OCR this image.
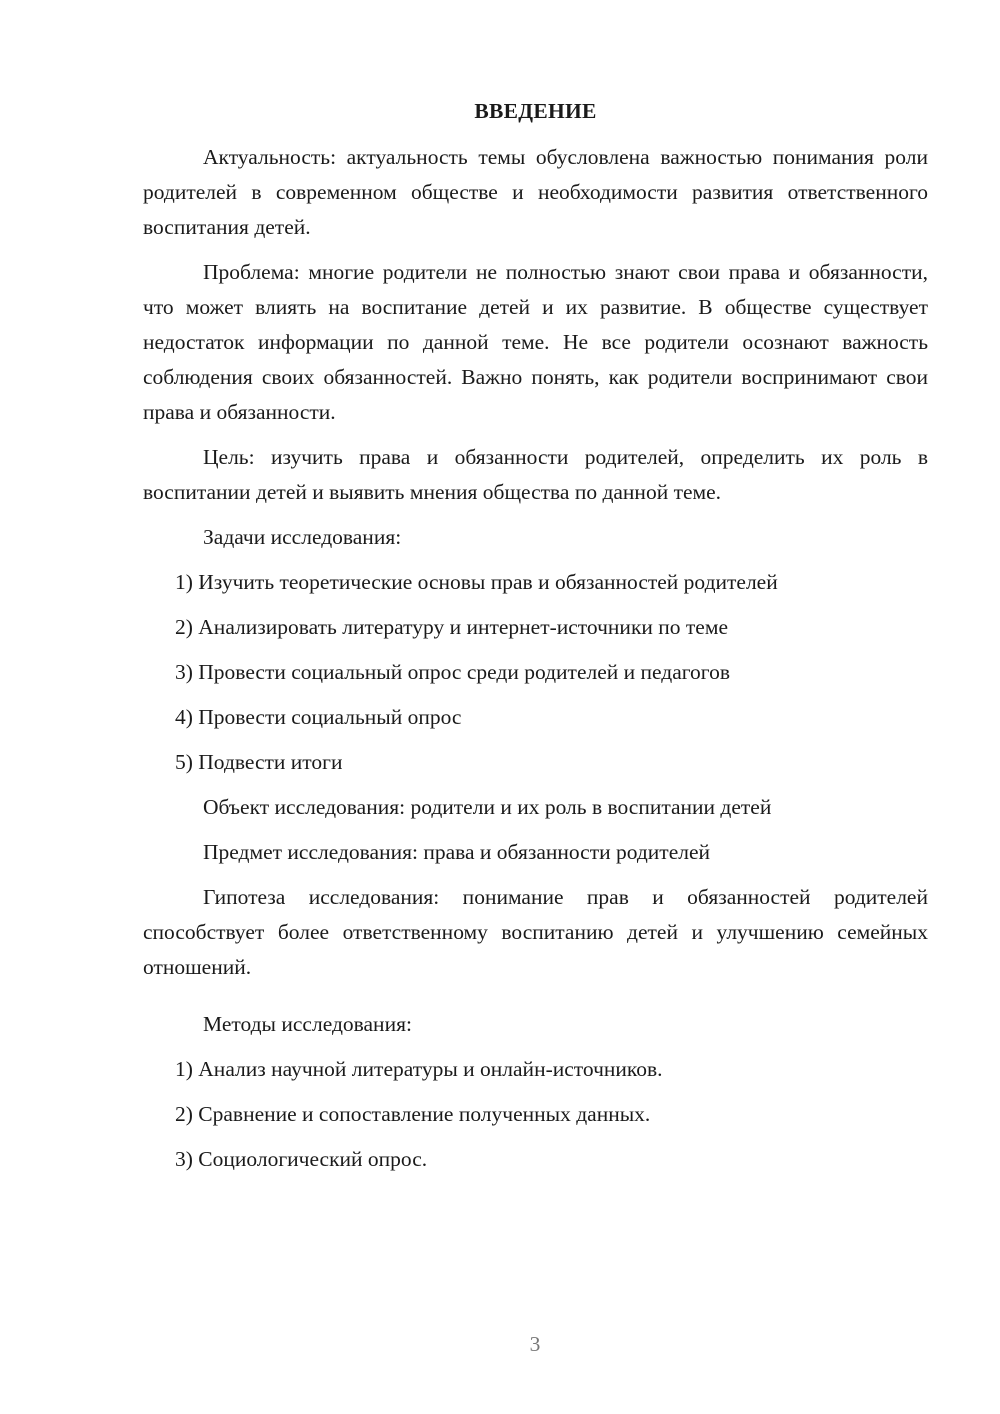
ВВЕДЕНИЕ

Актуальность: актуальность темы обусловлена важностью понимания роли родителей в современном обществе и необходимости развития ответственного воспитания детей.

Проблема: многие родители не полностью знают свои права и обязанности, что может влиять на воспитание детей и их развитие. В обществе существует недостаток информации по данной теме. Не все родители осознают важность соблюдения своих обязанностей. Важно понять, как родители воспринимают свои права и обязанности.

Цель: изучить права и обязанности родителей, определить их роль в воспитании детей и выявить мнения общества по данной теме.

Задачи исследования:

1) Изучить теоретические основы прав и обязанностей родителей
2) Анализировать литературу и интернет-источники по теме
3) Провести социальный опрос среди родителей и педагогов
4) Провести социальный опрос
5) Подвести итоги

Объект исследования: родители и их роль в воспитании детей

Предмет исследования: права и обязанности родителей

Гипотеза исследования: понимание прав и обязанностей родителей способствует более ответственному воспитанию детей и улучшению семейных отношений.

Методы исследования:

1) Анализ научной литературы и онлайн-источников.
2) Сравнение и сопоставление полученных данных.
3) Социологический опрос.
3
